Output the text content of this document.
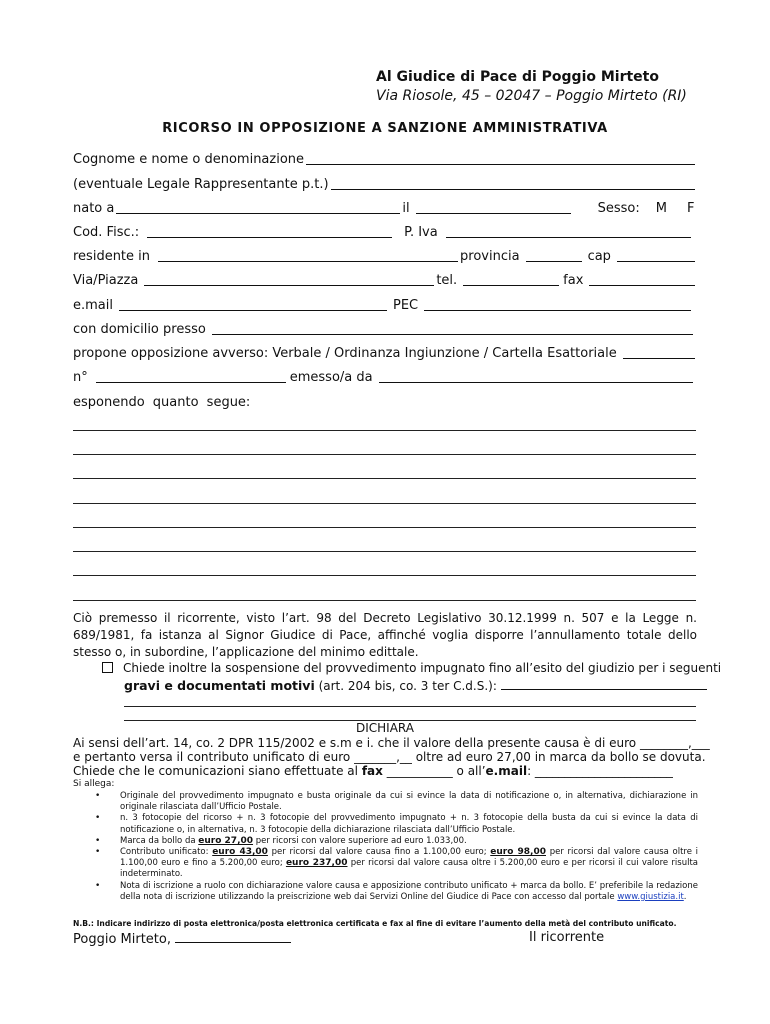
Al Giudice di Pace di Poggio Mirteto
Via Riosole, 45 – 02047 – Poggio Mirteto (RI)
RICORSO IN OPPOSIZIONE A SANZIONE AMMINISTRATIVA
Cognome e nome o denominazione
(eventuale Legale Rappresentante p.t.)
nato a	il	Sesso: M F
Cod. Fisc.:	P. Iva
residente in	provincia	cap
Via/Piazza	tel.	fax
e.mail	PEC
con domicilio presso
propone opposizione avverso: Verbale / Ordinanza Ingiunzione / Cartella Esattoriale
n°	emesso/a da
esponendo quanto segue:
Ciò premesso il ricorrente, visto l’art. 98 del Decreto Legislativo 30.12.1999 n. 507 e la Legge n. 689/1981, fa istanza al Signor Giudice di Pace, affinché voglia disporre l’annullamento totale dello stesso o, in subordine, l’applicazione del minimo edittale.
Chiede inoltre la sospensione del provvedimento impugnato fino all’esito del giudizio per i seguenti
gravi e documentati motivi (art. 204 bis, co. 3 ter C.d.S.):
DICHIARA
Ai sensi dell’art. 14, co. 2 DPR 115/2002 e s.m e i. che il valore della presente causa è di euro ________,___
e pertanto versa il contributo unificato di euro _______,__ oltre ad euro 27,00 in marca da bollo se dovuta.
Chiede che le comunicazioni siano effettuate al fax ___________ o all’e.mail: _______________________
Si allega:
• Originale del provvedimento impugnato e busta originale da cui si evince la data di notificazione o, in alternativa, dichiarazione in originale rilasciata dall’Ufficio Postale.
• n. 3 fotocopie del ricorso + n. 3 fotocopie del provvedimento impugnato + n. 3 fotocopie della busta da cui si evince la data di notificazione o, in alternativa, n. 3 fotocopie della dichiarazione rilasciata dall’Ufficio Postale.
• Marca da bollo da euro 27,00 per ricorsi con valore superiore ad euro 1.033,00.
• Contributo unificato: euro 43,00 per ricorsi dal valore causa fino a 1.100,00 euro; euro 98,00 per ricorsi dal valore causa oltre i 1.100,00 euro e fino a 5.200,00 euro; euro 237,00 per ricorsi dal valore causa oltre i 5.200,00 euro e per ricorsi il cui valore risulta indeterminato.
• Nota di iscrizione a ruolo con dichiarazione valore causa e apposizione contributo unificato + marca da bollo. E’ preferibile la redazione della nota di iscrizione utilizzando la preiscrizione web dai Servizi Online del Giudice di Pace con accesso dal portale www.giustizia.it.
N.B.: Indicare indirizzo di posta elettronica/posta elettronica certificata e fax al fine di evitare l’aumento della metà del contributo unificato.
Poggio Mirteto,	Il ricorrente
